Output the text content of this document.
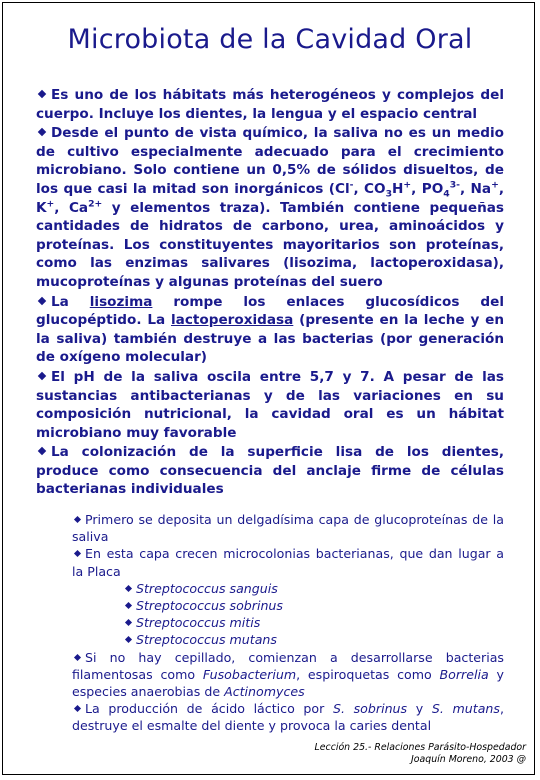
Microbiota de la Cavidad Oral

Es uno de los hábitats más heterogéneos y complejos del cuerpo. Incluye los dientes, la lengua y el espacio central

Desde el punto de vista químico, la saliva no es un medio de cultivo especialmente adecuado para el crecimiento microbiano. Solo contiene un 0,5% de sólidos disueltos, de los que casi la mitad son inorgánicos (Cl-, $CO_3H^+$, $PO_4^{3-}$, Na+, K+, $Ca^{2+}$ y elementos traza). También contiene pequeñas cantidades de hidratos de carbono, urea, aminoácidos y proteínas. Los constituyentes mayoritarios son proteínas, como las enzimas salivares (lisozima, lactoperoxidasa), mucoproteínas y algunas proteínas del suero

La lisozima rompe los enlaces glucosídicos del glucopéptido. La lactoperoxidasa (presente en la leche y en la saliva) también destruye a las bacterias (por generación de oxígeno molecular)

El pH de la saliva oscila entre 5,7 y 7. A pesar de las sustancias antibacterianas y de las variaciones en su composición nutricional, la cavidad oral es un hábitat microbiano muy favorable

La colonización de la superficie lisa de los dientes, produce como consecuencia del anclaje firme de células bacterianas individuales

Primero se deposita un delgadísima capa de glucoproteínas de la saliva

En esta capa crecen microcolonias bacterianas, que dan lugar a la Placa

Streptococcus sanguis
Streptococcus sobrinus
Streptococcus mitis
Streptococcus mutans

Si no hay cepillado, comienzan a desarrollarse bacterias filamentosas como Fusobacterium, espiroquetas como Borrelia y especies anaerobias de Actinomyces

La producción de ácido láctico por S. sobrinus y S. mutans, destruye el esmalte del diente y provoca la caries dental

Lección 25.- Relaciones Parásito-Hospedador
Joaquín Moreno, 2003 @
